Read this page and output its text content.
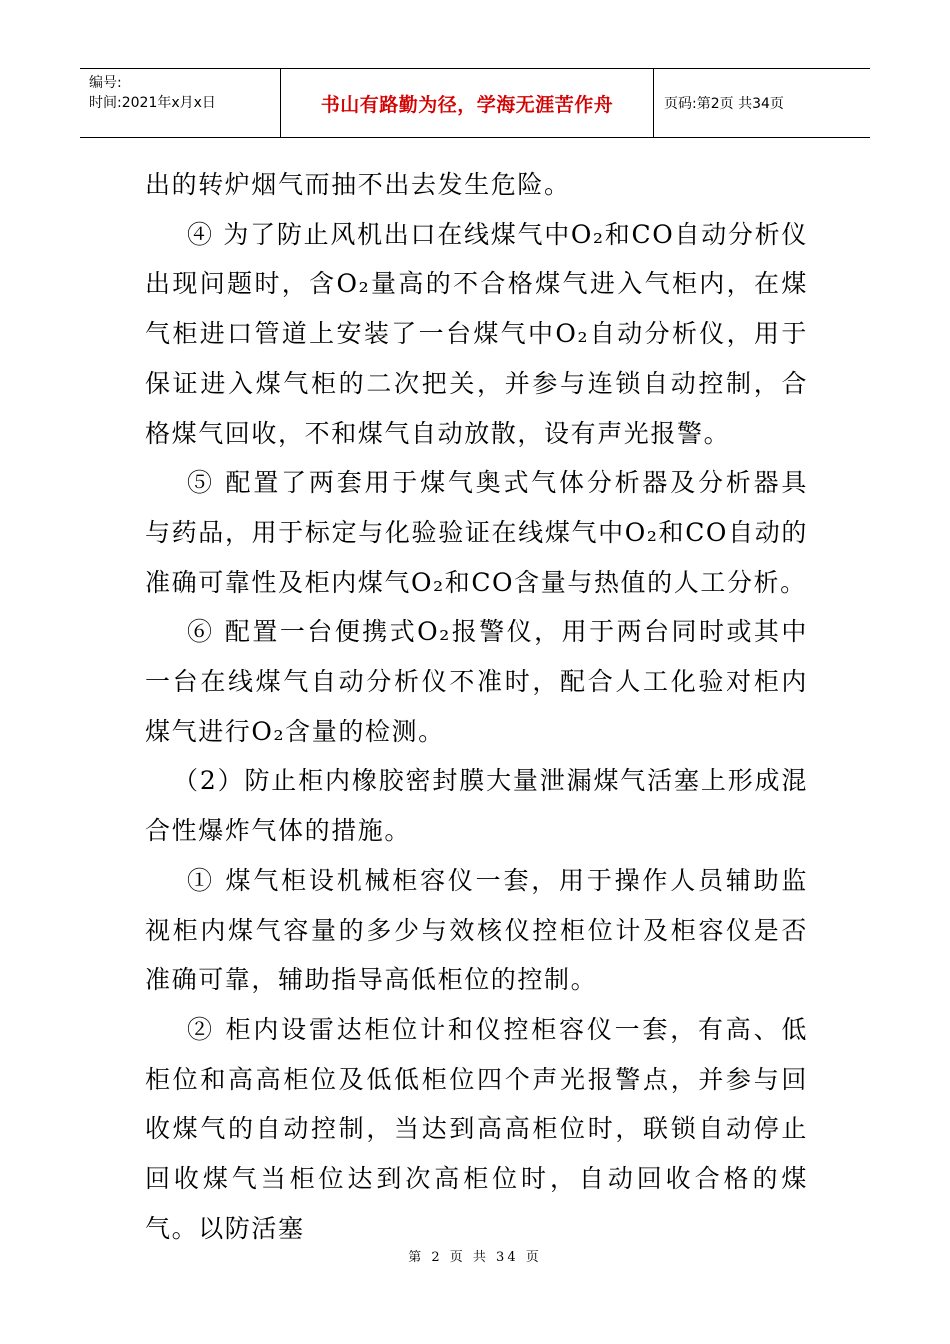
编号:
时间:2021年x月x日	书山有路勤为径，学海无涯苦作舟	页码:第2页 共34页

出的转炉烟气而抽不出去发生危险。

④ 为了防止风机出口在线煤气中O₂和CO自动分析仪出现问题时，含O₂量高的不合格煤气进入气柜内，在煤气柜进口管道上安装了一台煤气中O₂自动分析仪，用于保证进入煤气柜的二次把关，并参与连锁自动控制，合格煤气回收，不和煤气自动放散，设有声光报警。

⑤ 配置了两套用于煤气奥式气体分析器及分析器具与药品，用于标定与化验验证在线煤气中O₂和CO自动的准确可靠性及柜内煤气O₂和CO含量与热值的人工分析。

⑥ 配置一台便携式O₂报警仪，用于两台同时或其中一台在线煤气自动分析仪不准时，配合人工化验对柜内煤气进行O₂含量的检测。

（2）防止柜内橡胶密封膜大量泄漏煤气活塞上形成混合性爆炸气体的措施。

① 煤气柜设机械柜容仪一套，用于操作人员辅助监视柜内煤气容量的多少与效核仪控柜位计及柜容仪是否准确可靠，辅助指导高低柜位的控制。

② 柜内设雷达柜位计和仪控柜容仪一套，有高、低柜位和高高柜位及低低柜位四个声光报警点，并参与回收煤气的自动控制，当达到高高柜位时，联锁自动停止回收煤气当柜位达到次高柜位时，自动回收合格的煤气。以防活塞

第 2 页 共 34 页
